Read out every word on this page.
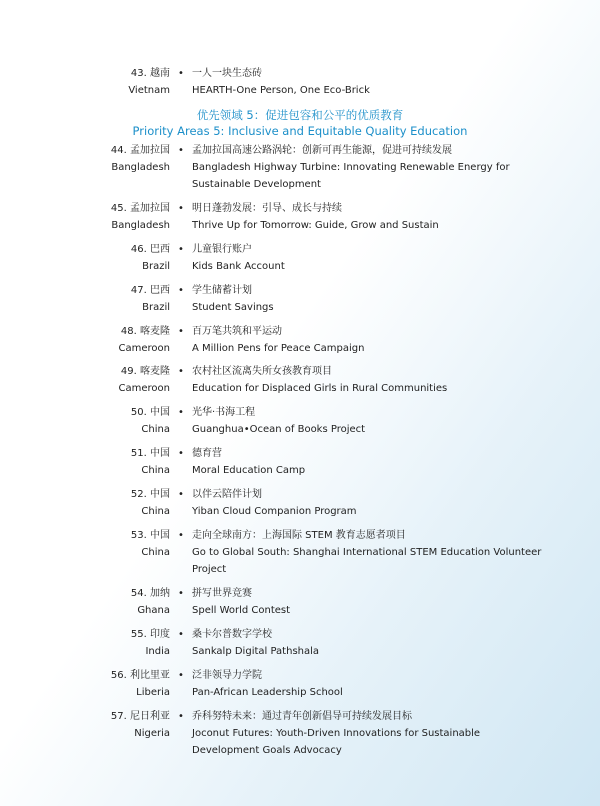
43. 越南
Vietnam
• 一人一块生态砖
HEARTH-One Person, One Eco-Brick
优先领域 5：促进包容和公平的优质教育
Priority Areas 5: Inclusive and Equitable Quality Education
44. 孟加拉国
Bangladesh
• 孟加拉国高速公路涡轮：创新可再生能源，促进可持续发展
Bangladesh Highway Turbine: Innovating Renewable Energy for Sustainable Development
45. 孟加拉国
Bangladesh
• 明日蓬勃发展：引导、成长与持续
Thrive Up for Tomorrow: Guide, Grow and Sustain
46. 巴西
Brazil
• 儿童银行账户
Kids Bank Account
47. 巴西
Brazil
• 学生储蓄计划
Student Savings
48. 喀麦隆
Cameroon
• 百万笔共筑和平运动
A Million Pens for Peace Campaign
49. 喀麦隆
Cameroon
• 农村社区流离失所女孩教育项目
Education for Displaced Girls in Rural Communities
50. 中国
China
• 光华·书海工程
Guanghua•Ocean of Books Project
51. 中国
China
• 德育营
Moral Education Camp
52. 中国
China
• 以伴云陪伴计划
Yiban Cloud Companion Program
53. 中国
China
• 走向全球南方：上海国际 STEM 教育志愿者项目
Go to Global South: Shanghai International STEM Education Volunteer Project
54. 加纳
Ghana
• 拼写世界竞赛
Spell World Contest
55. 印度
India
• 桑卡尔普数字学校
Sankalp Digital Pathshala
56. 利比里亚
Liberia
• 泛非领导力学院
Pan-African Leadership School
57. 尼日利亚
Nigeria
• 乔科努特未来：通过青年创新倡导可持续发展目标
Joconut Futures: Youth-Driven Innovations for Sustainable Development Goals Advocacy
